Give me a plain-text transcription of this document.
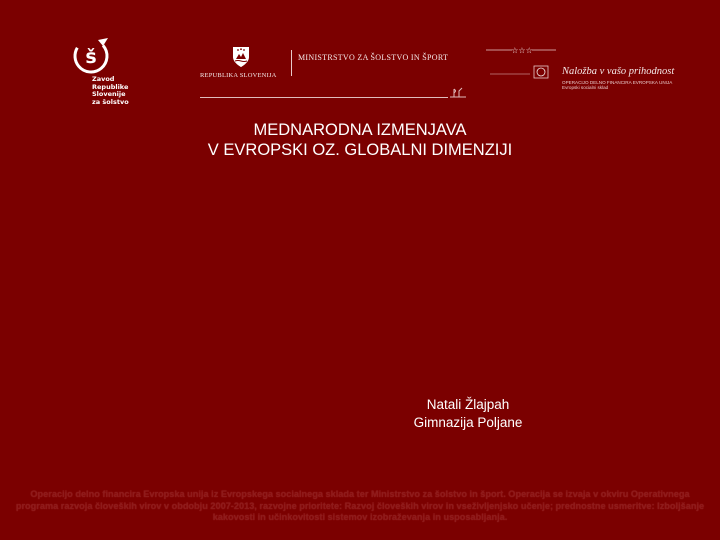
š
Zavod
Republike
Slovenije
za šolstvo
REPUBLIKA SLOVENIJA
MINISTRSTVO ZA ŠOLSTVO IN ŠPORT
☆☆☆
Naložba v vašo prihodnost
OPERACIJO DELNO FINANCIRA EVROPSKA UNIJA
Evropski socialni sklad
MEDNARODNA IZMENJAVA
V EVROPSKI OZ. GLOBALNI DIMENZIJI
Natali Žlajpah
Gimnazija Poljane
Operacijo delno financira Evropska unija iz Evropskega socialnega sklada ter Ministrstvo za šolstvo in šport. Operacija se izvaja v okviru Operativnega programa razvoja človeških virov v obdobju 2007-2013, razvojne prioritete: Razvoj človeških virov in vseživljenjsko učenje; prednostne usmeritve: Izboljšanje kakovosti in učinkovitosti sistemov izobraževanja in usposabljanja.
